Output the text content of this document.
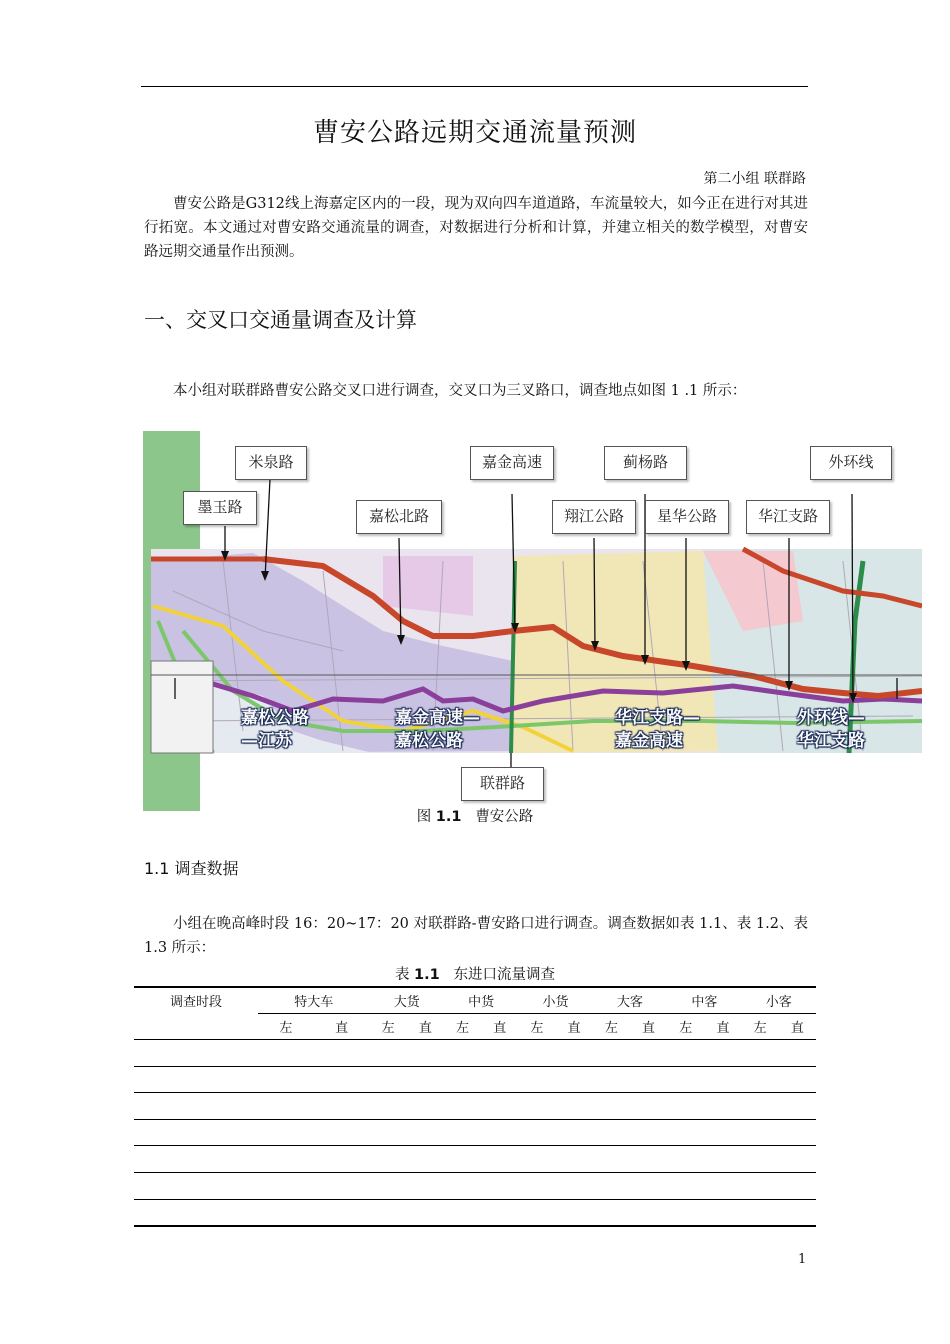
曹安公路远期交通流量预测
第二小组 联群路
曹安公路是G312线上海嘉定区内的一段，现为双向四车道道路，车流量较大，如今正在进行对其进行拓宽。本文通过对曹安路交通流量的调查，对数据进行分析和计算，并建立相关的数学模型，对曹安路远期交通量作出预测。
一、交叉口交通量调查及计算
本小组对联群路曹安公路交叉口进行调查，交叉口为三叉路口，调查地点如图 1 .1 所示：
米泉路
墨玉路	嘉松北路
嘉金高速
翔江公路
蓟杨路
星华公路	华江支路
外环线
联群路
嘉松公路
—江苏
嘉金高速—
嘉松公路
华江支路—
嘉金高速
外环线—
华江支路
图 1.1 曹安公路
1.1 调查数据
小组在晚高峰时段 16：20~17：20 对联群路-曹安路口进行调查。调查数据如表 1.1、表 1.2、表 1.3 所示：
表 1.1 东进口流量调查
调查时段	特大车		大货		中货		小货		大客		中客		小客	
	左	直	左	直	左	直	左	直	左	直	左	直	左	直

1
